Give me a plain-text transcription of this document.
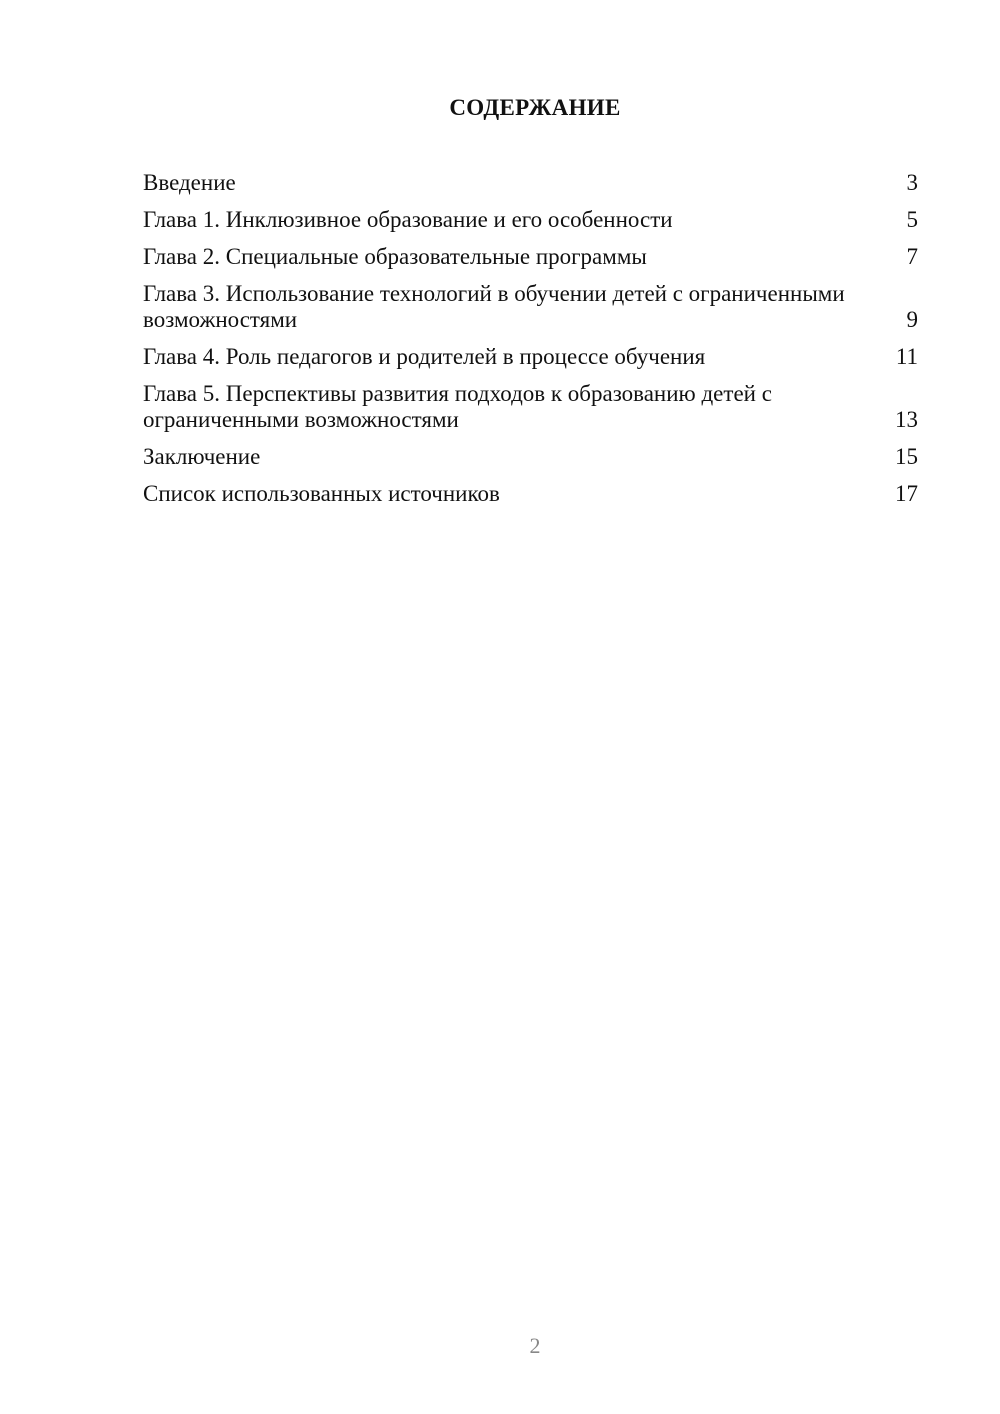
СОДЕРЖАНИЕ
Введение	3
Глава 1. Инклюзивное образование и его особенности	5
Глава 2. Специальные образовательные программы	7
Глава 3. Использование технологий в обучении детей с ограниченными возможностями	9
Глава 4. Роль педагогов и родителей в процессе обучения	11
Глава 5. Перспективы развития подходов к образованию детей с ограниченными возможностями	13
Заключение	15
Список использованных источников	17
2
